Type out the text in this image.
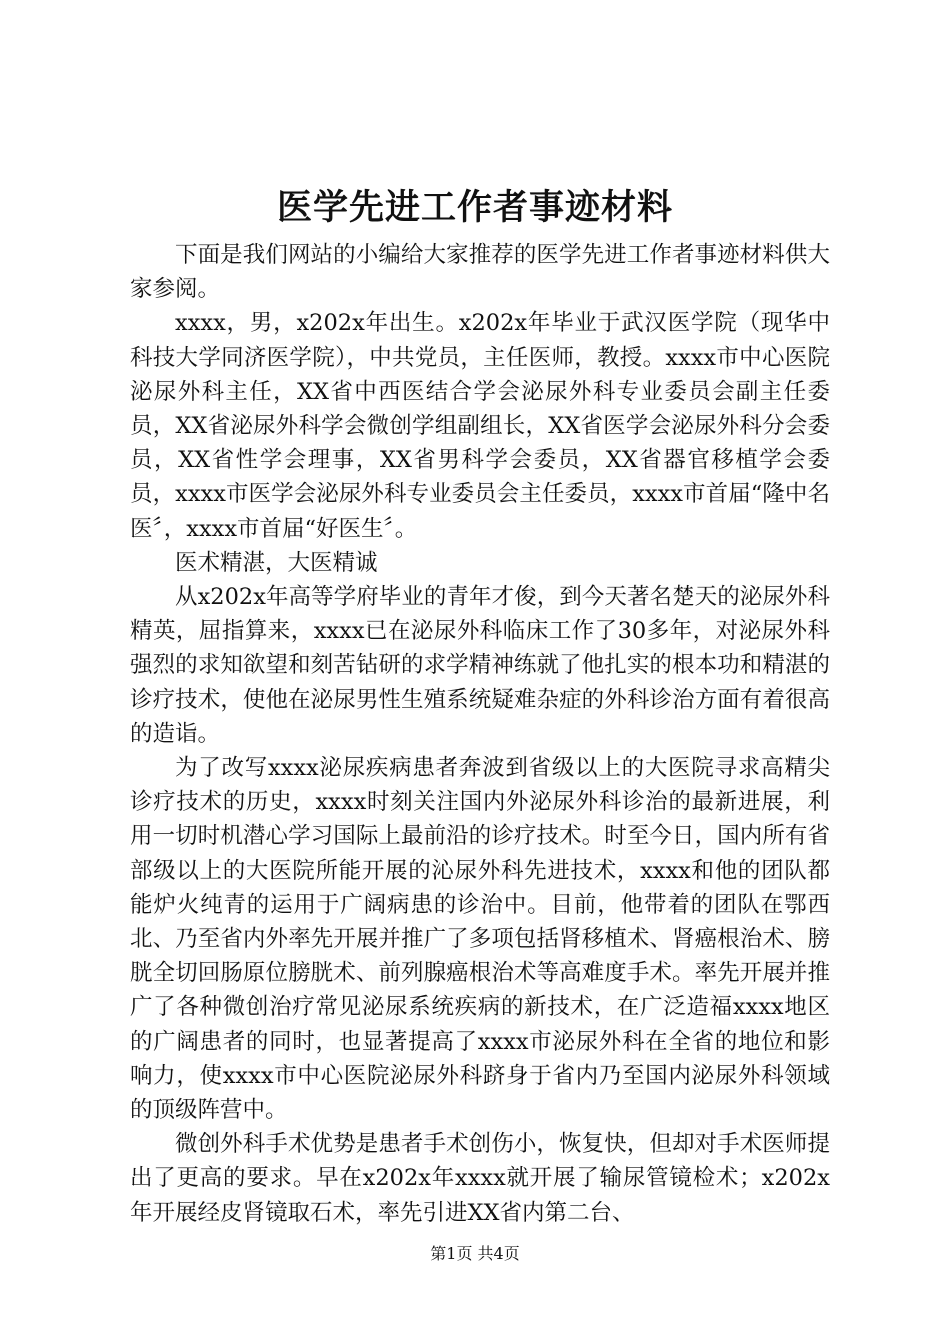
医学先进工作者事迹材料

下面是我们网站的小编给大家推荐的医学先进工作者事迹材料供大家参阅。

xxxx，男，x202x年出生。x202x年毕业于武汉医学院（现华中科技大学同济医学院），中共党员，主任医师，教授。xxxx市中心医院泌尿外科主任，XX省中西医结合学会泌尿外科专业委员会副主任委员，XX省泌尿外科学会微创学组副组长，XX省医学会泌尿外科分会委员，XX省性学会理事，XX省男科学会委员，XX省器官移植学会委员，xxxx市医学会泌尿外科专业委员会主任委员，xxxx市首届“隆中名医〞，xxxx市首届“好医生〞。

医术精湛，大医精诚

从x202x年高等学府毕业的青年才俊，到今天著名楚天的泌尿外科精英，屈指算来，xxxx已在泌尿外科临床工作了30多年，对泌尿外科强烈的求知欲望和刻苦钻研的求学精神练就了他扎实的根本功和精湛的诊疗技术，使他在泌尿男性生殖系统疑难杂症的外科诊治方面有着很高的造诣。

为了改写xxxx泌尿疾病患者奔波到省级以上的大医院寻求高精尖诊疗技术的历史，xxxx时刻关注国内外泌尿外科诊治的最新进展，利用一切时机潜心学习国际上最前沿的诊疗技术。时至今日，国内所有省部级以上的大医院所能开展的沁尿外科先进技术，xxxx和他的团队都能炉火纯青的运用于广阔病患的诊治中。目前，他带着的团队在鄂西北、乃至省内外率先开展并推广了多项包括肾移植术、肾癌根治术、膀胱全切回肠原位膀胱术、前列腺癌根治术等高难度手术。率先开展并推广了各种微创治疗常见泌尿系统疾病的新技术，在广泛造福xxxx地区的广阔患者的同时，也显著提高了xxxx市泌尿外科在全省的地位和影响力，使xxxx市中心医院泌尿外科跻身于省内乃至国内泌尿外科领域的顶级阵营中。

微创外科手术优势是患者手术创伤小，恢复快，但却对手术医师提出了更高的要求。早在x202x年xxxx就开展了输尿管镜检术；x202x年开展经皮肾镜取石术，率先引进XX省内第二台、

第1页 共4页
